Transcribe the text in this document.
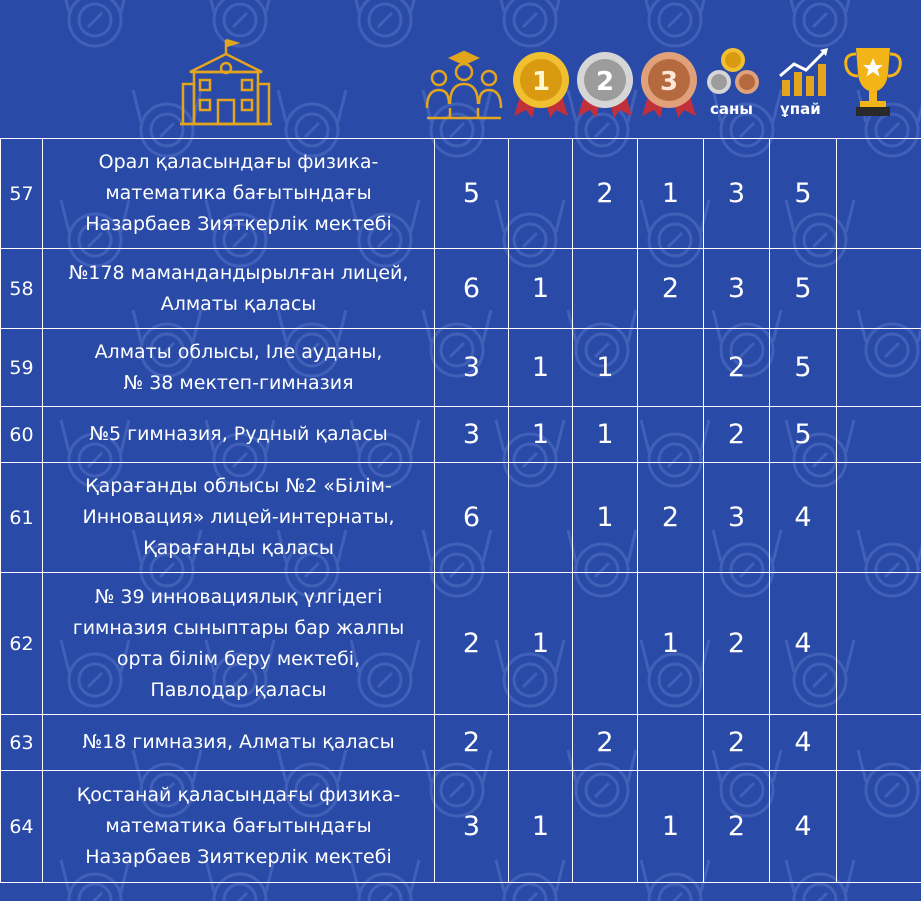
1 2 3
саны ұпай
57	Орал қаласындағы физика-
математика бағытындағы
Назарбаев Зияткерлік мектебі	5		2	1	3	5	
58	№178 мамандандырылған лицей,
Алматы қаласы	6	1		2	3	5	
59	Алматы облысы, Іле ауданы,
№ 38 мектеп-гимназия	3	1	1		2	5	
60	№5 гимназия, Рудный қаласы	3	1	1		2	5	
61	Қарағанды облысы №2 «Білім-
Инновация» лицей-интернаты,
Қарағанды қаласы	6		1	2	3	4	
62	№ 39 инновациялық үлгідегі
гимназия сыныптары бар жалпы
орта білім беру мектебі,
Павлодар қаласы	2	1		1	2	4	
63	№18 гимназия, Алматы қаласы	2		2		2	4	
64	Қостанай қаласындағы физика-
математика бағытындағы
Назарбаев Зияткерлік мектебі	3	1		1	2	4	
